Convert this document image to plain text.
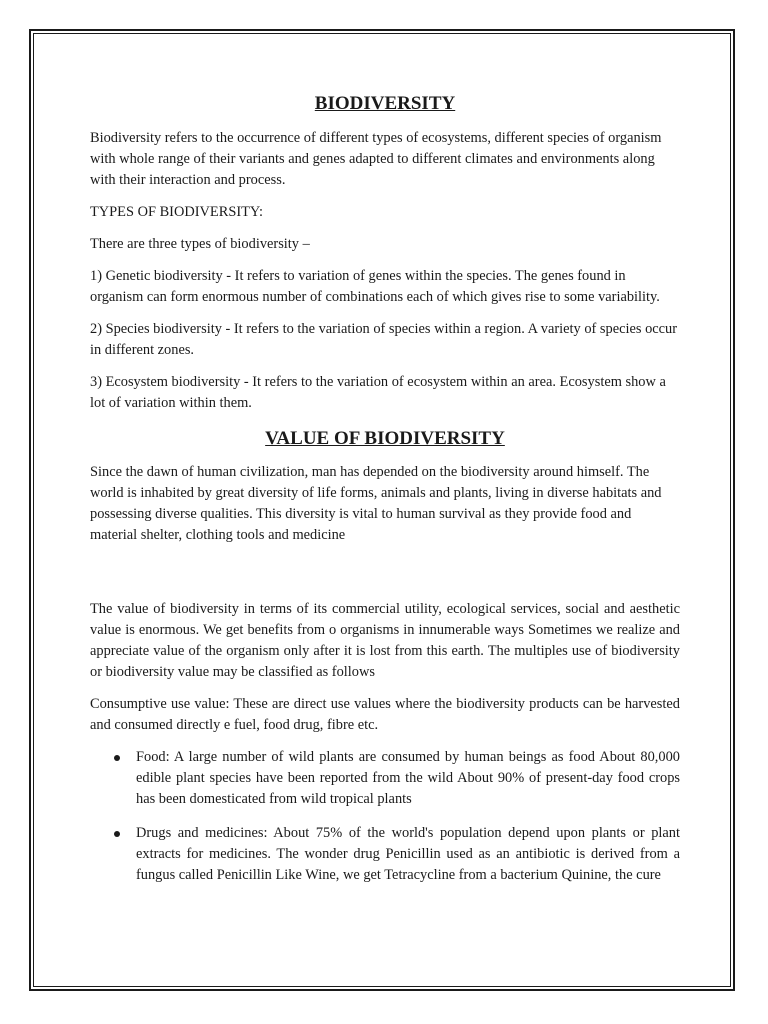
BIODIVERSITY

Biodiversity refers to the occurrence of different types of ecosystems, different species of organism with whole range of their variants and genes adapted to different climates and environments along with their interaction and process.

TYPES OF BIODIVERSITY:

There are three types of biodiversity –

1) Genetic biodiversity - It refers to variation of genes within the species. The genes found in organism can form enormous number of combinations each of which gives rise to some variability.

2) Species biodiversity - It refers to the variation of species within a region. A variety of species occur in different zones.

3) Ecosystem biodiversity - It refers to the variation of ecosystem within an area. Ecosystem show a lot of variation within them.

VALUE OF BIODIVERSITY

Since the dawn of human civilization, man has depended on the biodiversity around himself. The world is inhabited by great diversity of life forms, animals and plants, living in diverse habitats and possessing diverse qualities. This diversity is vital to human survival as they provide food and material shelter, clothing tools and medicine

The value of biodiversity in terms of its commercial utility, ecological services, social and aesthetic value is enormous. We get benefits from o organisms in innumerable ways Sometimes we realize and appreciate value of the organism only after it is lost from this earth. The multiples use of biodiversity or biodiversity value may be classified as follows

Consumptive use value: These are direct use values where the biodiversity products can be harvested and consumed directly e fuel, food drug, fibre etc.

Food: A large number of wild plants are consumed by human beings as food About 80,000 edible plant species have been reported from the wild About 90% of present-day food crops has been domesticated from wild tropical plants
Drugs and medicines: About 75% of the world's population depend upon plants or plant extracts for medicines. The wonder drug Penicillin used as an antibiotic is derived from a fungus called Penicillin Like Wine, we get Tetracycline from a bacterium Quinine, the cure
